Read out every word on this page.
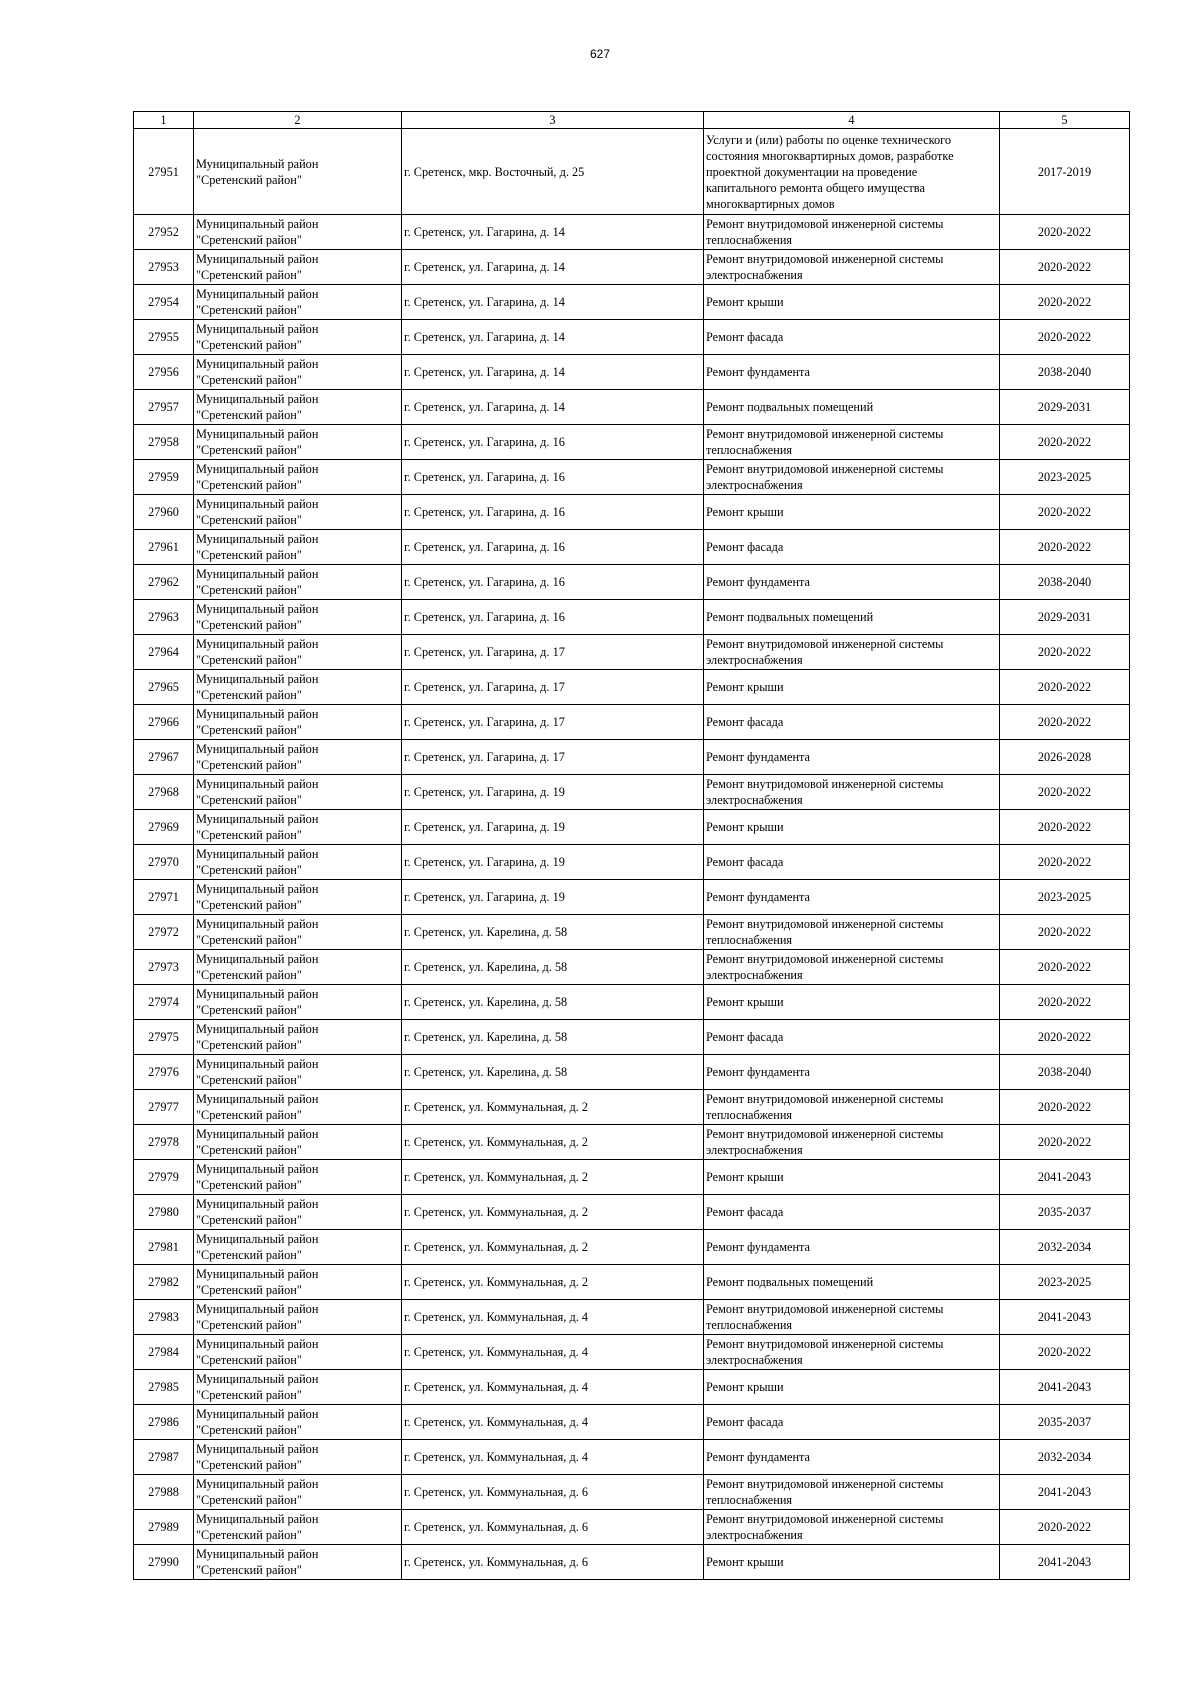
627
1	2	3	4	5
27951	Муниципальный район
"Сретенский район"	г. Сретенск, мкр. Восточный, д. 25	Услуги и (или) работы по оценке технического
состояния многоквартирных домов, разработке
проектной документации на проведение
капитального ремонта общего имущества
многоквартирных домов	2017-2019
27952	Муниципальный район
"Сретенский район"	г. Сретенск, ул. Гагарина, д. 14	Ремонт внутридомовой инженерной системы
теплоснабжения	2020-2022
27953	Муниципальный район
"Сретенский район"	г. Сретенск, ул. Гагарина, д. 14	Ремонт внутридомовой инженерной системы
электроснабжения	2020-2022
27954	Муниципальный район
"Сретенский район"	г. Сретенск, ул. Гагарина, д. 14	Ремонт крыши	2020-2022
27955	Муниципальный район
"Сретенский район"	г. Сретенск, ул. Гагарина, д. 14	Ремонт фасада	2020-2022
27956	Муниципальный район
"Сретенский район"	г. Сретенск, ул. Гагарина, д. 14	Ремонт фундамента	2038-2040
27957	Муниципальный район
"Сретенский район"	г. Сретенск, ул. Гагарина, д. 14	Ремонт подвальных помещений	2029-2031
27958	Муниципальный район
"Сретенский район"	г. Сретенск, ул. Гагарина, д. 16	Ремонт внутридомовой инженерной системы
теплоснабжения	2020-2022
27959	Муниципальный район
"Сретенский район"	г. Сретенск, ул. Гагарина, д. 16	Ремонт внутридомовой инженерной системы
электроснабжения	2023-2025
27960	Муниципальный район
"Сретенский район"	г. Сретенск, ул. Гагарина, д. 16	Ремонт крыши	2020-2022
27961	Муниципальный район
"Сретенский район"	г. Сретенск, ул. Гагарина, д. 16	Ремонт фасада	2020-2022
27962	Муниципальный район
"Сретенский район"	г. Сретенск, ул. Гагарина, д. 16	Ремонт фундамента	2038-2040
27963	Муниципальный район
"Сретенский район"	г. Сретенск, ул. Гагарина, д. 16	Ремонт подвальных помещений	2029-2031
27964	Муниципальный район
"Сретенский район"	г. Сретенск, ул. Гагарина, д. 17	Ремонт внутридомовой инженерной системы
электроснабжения	2020-2022
27965	Муниципальный район
"Сретенский район"	г. Сретенск, ул. Гагарина, д. 17	Ремонт крыши	2020-2022
27966	Муниципальный район
"Сретенский район"	г. Сретенск, ул. Гагарина, д. 17	Ремонт фасада	2020-2022
27967	Муниципальный район
"Сретенский район"	г. Сретенск, ул. Гагарина, д. 17	Ремонт фундамента	2026-2028
27968	Муниципальный район
"Сретенский район"	г. Сретенск, ул. Гагарина, д. 19	Ремонт внутридомовой инженерной системы
электроснабжения	2020-2022
27969	Муниципальный район
"Сретенский район"	г. Сретенск, ул. Гагарина, д. 19	Ремонт крыши	2020-2022
27970	Муниципальный район
"Сретенский район"	г. Сретенск, ул. Гагарина, д. 19	Ремонт фасада	2020-2022
27971	Муниципальный район
"Сретенский район"	г. Сретенск, ул. Гагарина, д. 19	Ремонт фундамента	2023-2025
27972	Муниципальный район
"Сретенский район"	г. Сретенск, ул. Карелина, д. 58	Ремонт внутридомовой инженерной системы
теплоснабжения	2020-2022
27973	Муниципальный район
"Сретенский район"	г. Сретенск, ул. Карелина, д. 58	Ремонт внутридомовой инженерной системы
электроснабжения	2020-2022
27974	Муниципальный район
"Сретенский район"	г. Сретенск, ул. Карелина, д. 58	Ремонт крыши	2020-2022
27975	Муниципальный район
"Сретенский район"	г. Сретенск, ул. Карелина, д. 58	Ремонт фасада	2020-2022
27976	Муниципальный район
"Сретенский район"	г. Сретенск, ул. Карелина, д. 58	Ремонт фундамента	2038-2040
27977	Муниципальный район
"Сретенский район"	г. Сретенск, ул. Коммунальная, д. 2	Ремонт внутридомовой инженерной системы
теплоснабжения	2020-2022
27978	Муниципальный район
"Сретенский район"	г. Сретенск, ул. Коммунальная, д. 2	Ремонт внутридомовой инженерной системы
электроснабжения	2020-2022
27979	Муниципальный район
"Сретенский район"	г. Сретенск, ул. Коммунальная, д. 2	Ремонт крыши	2041-2043
27980	Муниципальный район
"Сретенский район"	г. Сретенск, ул. Коммунальная, д. 2	Ремонт фасада	2035-2037
27981	Муниципальный район
"Сретенский район"	г. Сретенск, ул. Коммунальная, д. 2	Ремонт фундамента	2032-2034
27982	Муниципальный район
"Сретенский район"	г. Сретенск, ул. Коммунальная, д. 2	Ремонт подвальных помещений	2023-2025
27983	Муниципальный район
"Сретенский район"	г. Сретенск, ул. Коммунальная, д. 4	Ремонт внутридомовой инженерной системы
теплоснабжения	2041-2043
27984	Муниципальный район
"Сретенский район"	г. Сретенск, ул. Коммунальная, д. 4	Ремонт внутридомовой инженерной системы
электроснабжения	2020-2022
27985	Муниципальный район
"Сретенский район"	г. Сретенск, ул. Коммунальная, д. 4	Ремонт крыши	2041-2043
27986	Муниципальный район
"Сретенский район"	г. Сретенск, ул. Коммунальная, д. 4	Ремонт фасада	2035-2037
27987	Муниципальный район
"Сретенский район"	г. Сретенск, ул. Коммунальная, д. 4	Ремонт фундамента	2032-2034
27988	Муниципальный район
"Сретенский район"	г. Сретенск, ул. Коммунальная, д. 6	Ремонт внутридомовой инженерной системы
теплоснабжения	2041-2043
27989	Муниципальный район
"Сретенский район"	г. Сретенск, ул. Коммунальная, д. 6	Ремонт внутридомовой инженерной системы
электроснабжения	2020-2022
27990	Муниципальный район
"Сретенский район"	г. Сретенск, ул. Коммунальная, д. 6	Ремонт крыши	2041-2043
